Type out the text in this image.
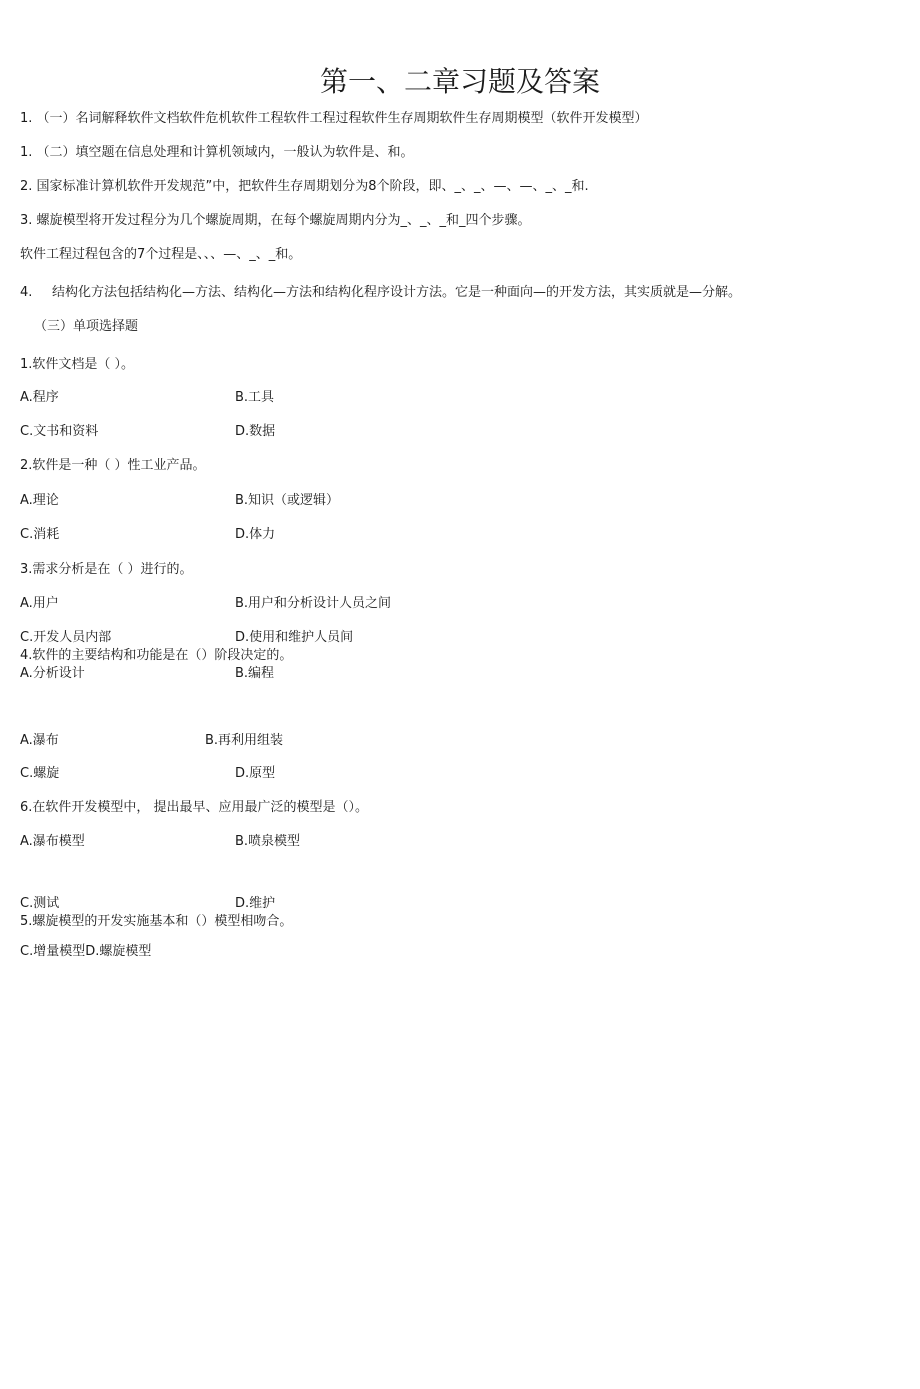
第一、二章习题及答案
1. （一）名词解释软件文档软件危机软件工程软件工程过程软件生存周期软件生存周期模型（软件开发模型）
1. （二）填空题在信息处理和计算机领域内，一般认为软件是、和。
2. 国家标准计算机软件开发规范”中，把软件生存周期划分为8个阶段，即、_、_、—、—、_、_和.
3. 螺旋模型将开发过程分为几个螺旋周期，在每个螺旋周期内分为_、_、_和_四个步骤。
软件工程过程包含的7个过程是、、、—、_、_和。
4. 结构化方法包括结构化—方法、结构化—方法和结构化程序设计方法。它是一种面向—的开发方法，其实质就是—分解。
（三）单项选择题
1.软件文档是（ ）。
A.程序	B.工具
C.文书和资料	D.数据
2.软件是一种（ ）性工业产品。
A.理论	B.知识（或逻辑）
C.消耗	D.体力
3.需求分析是在（ ）进行的。
A.用户	B.用户和分析设计人员之间
C.开发人员内部	D.使用和维护人员间
4.软件的主要结构和功能是在（）阶段决定的。
A.分析设计	B.编程
A.瀑布	B.再利用组装
C.螺旋	D.原型
6.在软件开发模型中， 提出最早、应用最广泛的模型是（）。
A.瀑布模型	B.喷泉模型
C.测试	D.维护
5.螺旋模型的开发实施基本和（）模型相吻合。
C.增量模型D.螺旋模型
